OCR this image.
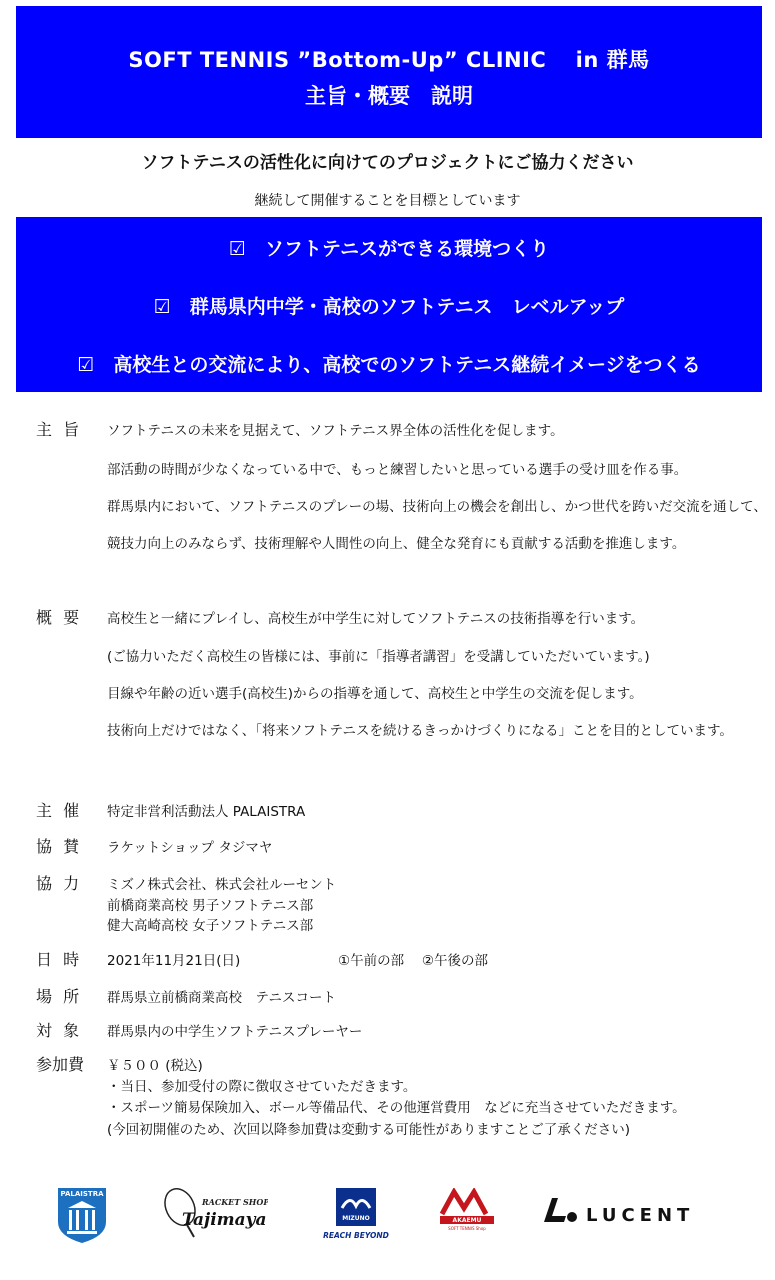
SOFT TENNIS ”Bottom-Up” CLINIC　 in 群馬
主旨・概要　説明
ソフトテニスの活性化に向けてのプロジェクトにご協力ください
継続して開催することを目標としています
☑　ソフトテニスができる環境つくり
☑　群馬県内中学・高校のソフトテニス　レベルアップ
☑　高校生との交流により、高校でのソフトテニス継続イメージをつくる
主 旨 ソフトテニスの未来を見据えて、ソフトテニス界全体の活性化を促します。
部活動の時間が少なくなっている中で、もっと練習したいと思っている選手の受け皿を作る事。
群馬県内において、ソフトテニスのプレーの場、技術向上の機会を創出し、かつ世代を跨いだ交流を通して、
競技力向上のみならず、技術理解や人間性の向上、健全な発育にも貢献する活動を推進します。
概 要 高校生と一緒にプレイし、高校生が中学生に対してソフトテニスの技術指導を行います。
(ご協力いただく高校生の皆様には、事前に「指導者講習」を受講していただいています。)
目線や年齢の近い選手(高校生)からの指導を通して、高校生と中学生の交流を促します。
技術向上だけではなく、「将来ソフトテニスを続けるきっかけづくりになる」ことを目的としています。
主 催 特定非営利活動法人 PALAISTRA
協 賛 ラケットショップ タジマヤ
協 力 ミズノ株式会社、株式会社ルーセント
前橋商業高校 男子ソフトテニス部
健大高崎高校 女子ソフトテニス部
日 時 2021年11月21日(日)	①午前の部　 ②午後の部
場 所 群馬県立前橋商業高校　テニスコート
対 象 群馬県内の中学生ソフトテニスプレーヤー
参加費 ￥５００ (税込)
・当日、参加受付の際に徴収させていただきます。
・スポーツ簡易保険加入、ボール等備品代、その他運営費用　などに充当させていただきます。
(今回初開催のため、次回以降参加費は変動する可能性がありますことご了承ください)
PALAISTRA
RACKET SHOP
Tajimaya	MIZUNO
REACH BEYOND
AKAEMU
SOFT TENNIS Shop
LUCENT
